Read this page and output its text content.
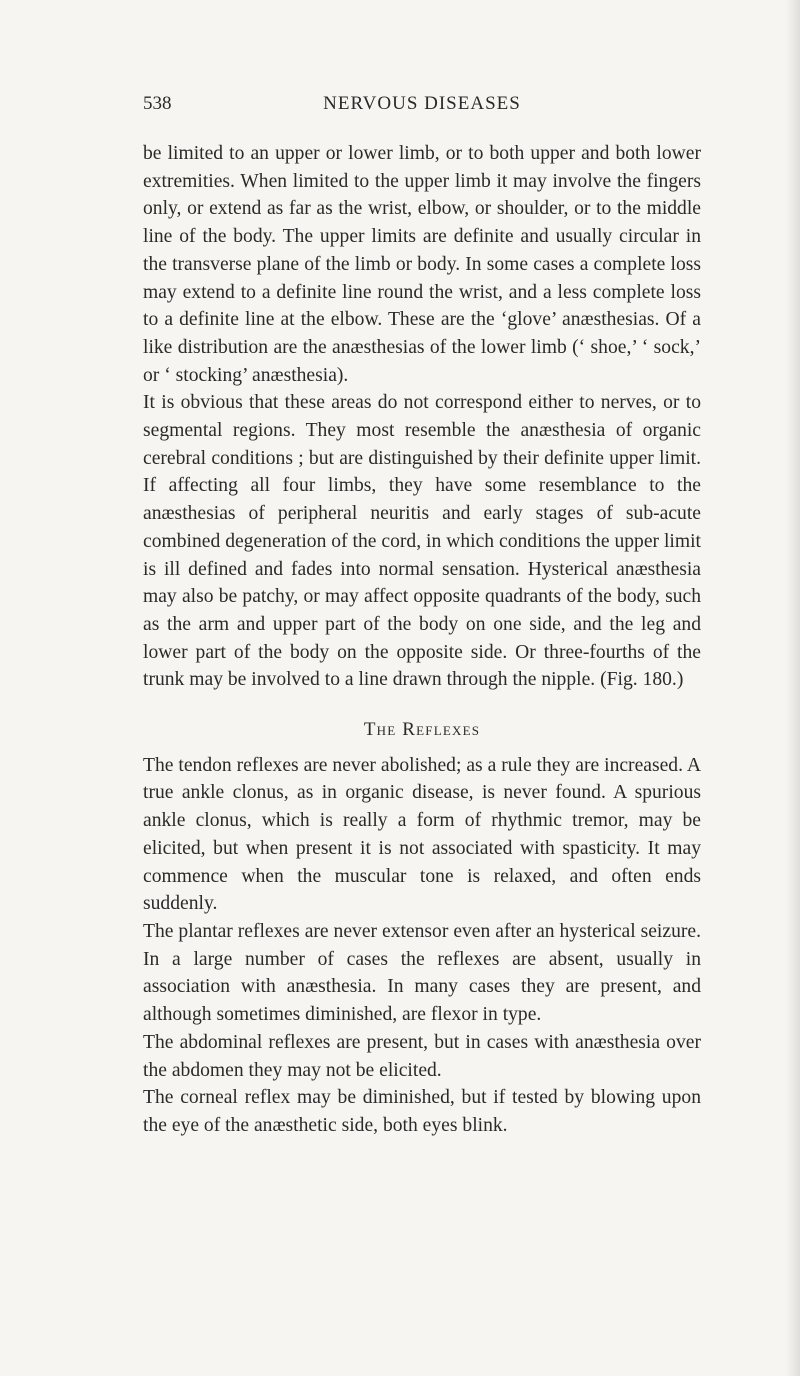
538	NERVOUS DISEASES

be limited to an upper or lower limb, or to both upper and both lower extremities. When limited to the upper limb it may involve the fingers only, or extend as far as the wrist, elbow, or shoulder, or to the middle line of the body. The upper limits are definite and usually circular in the transverse plane of the limb or body. In some cases a complete loss may extend to a definite line round the wrist, and a less complete loss to a definite line at the elbow. These are the ‘glove’ anæsthesias. Of a like distribution are the anæsthesias of the lower limb (‘ shoe,’ ‘ sock,’ or ‘ stocking’ anæsthesia).

It is obvious that these areas do not correspond either to nerves, or to segmental regions. They most resemble the anæsthesia of organic cerebral conditions ; but are distinguished by their definite upper limit. If affecting all four limbs, they have some resemblance to the anæsthesias of peripheral neuritis and early stages of sub-acute combined degeneration of the cord, in which conditions the upper limit is ill defined and fades into normal sensation. Hysterical anæsthesia may also be patchy, or may affect opposite quadrants of the body, such as the arm and upper part of the body on one side, and the leg and lower part of the body on the opposite side. Or three-fourths of the trunk may be involved to a line drawn through the nipple. (Fig. 180.)

The Reflexes

The tendon reflexes are never abolished; as a rule they are increased. A true ankle clonus, as in organic disease, is never found. A spurious ankle clonus, which is really a form of rhythmic tremor, may be elicited, but when present it is not associated with spasticity. It may commence when the muscular tone is relaxed, and often ends suddenly.

The plantar reflexes are never extensor even after an hysterical seizure. In a large number of cases the reflexes are absent, usually in association with anæsthesia. In many cases they are present, and although sometimes diminished, are flexor in type.

The abdominal reflexes are present, but in cases with anæsthesia over the abdomen they may not be elicited.

The corneal reflex may be diminished, but if tested by blowing upon the eye of the anæsthetic side, both eyes blink.
